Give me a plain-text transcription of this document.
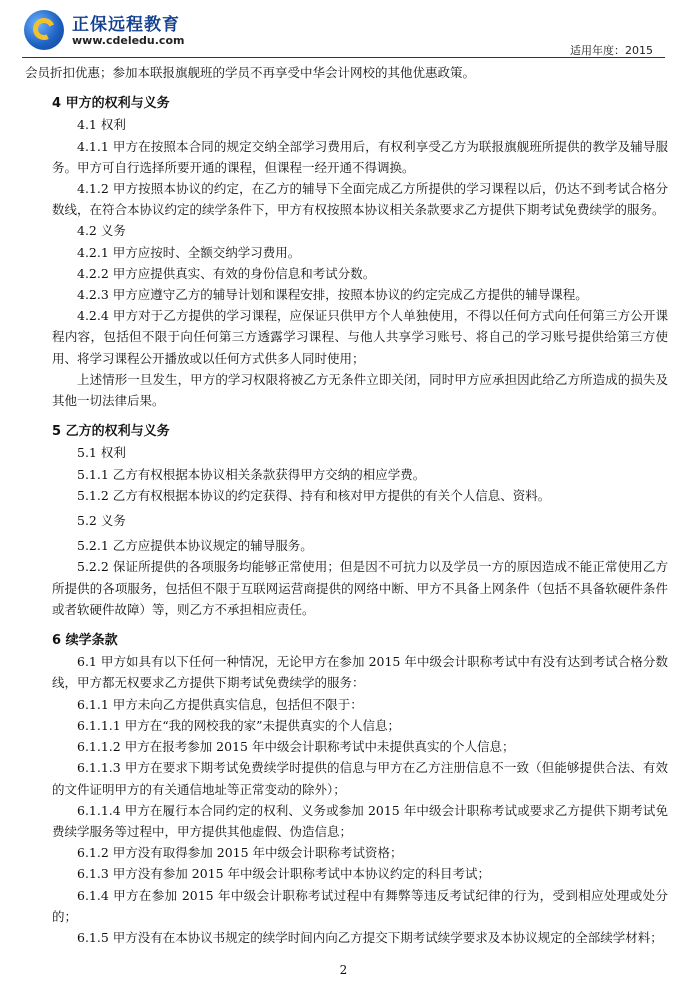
正保远程教育
www.cdeledu.com
适用年度：2015

会员折扣优惠；参加本联报旗舰班的学员不再享受中华会计网校的其他优惠政策。

4 甲方的权利与义务

4.1 权利

4.1.1 甲方在按照本合同的规定交纳全部学习费用后，有权利享受乙方为联报旗舰班所提供的教学及辅导服务。甲方可自行选择所要开通的课程，但课程一经开通不得调换。

4.1.2 甲方按照本协议的约定，在乙方的辅导下全面完成乙方所提供的学习课程以后，仍达不到考试合格分数线，在符合本协议约定的续学条件下，甲方有权按照本协议相关条款要求乙方提供下期考试免费续学的服务。

4.2 义务

4.2.1 甲方应按时、全额交纳学习费用。

4.2.2 甲方应提供真实、有效的身份信息和考试分数。

4.2.3 甲方应遵守乙方的辅导计划和课程安排，按照本协议的约定完成乙方提供的辅导课程。

4.2.4 甲方对于乙方提供的学习课程，应保证只供甲方个人单独使用，不得以任何方式向任何第三方公开课程内容，包括但不限于向任何第三方透露学习课程、与他人共享学习账号、将自己的学习账号提供给第三方使用、将学习课程公开播放或以任何方式供多人同时使用；

上述情形一旦发生，甲方的学习权限将被乙方无条件立即关闭，同时甲方应承担因此给乙方所造成的损失及其他一切法律后果。

5 乙方的权利与义务

5.1 权利

5.1.1 乙方有权根据本协议相关条款获得甲方交纳的相应学费。

5.1.2 乙方有权根据本协议的约定获得、持有和核对甲方提供的有关个人信息、资料。

5.2 义务

5.2.1 乙方应提供本协议规定的辅导服务。

5.2.2 保证所提供的各项服务均能够正常使用；但是因不可抗力以及学员一方的原因造成不能正常使用乙方所提供的各项服务，包括但不限于互联网运营商提供的网络中断、甲方不具备上网条件（包括不具备软硬件条件或者软硬件故障）等，则乙方不承担相应责任。

6 续学条款

6.1 甲方如具有以下任何一种情况，无论甲方在参加 2015 年中级会计职称考试中有没有达到考试合格分数线，甲方都无权要求乙方提供下期考试免费续学的服务：

6.1.1 甲方未向乙方提供真实信息，包括但不限于：

6.1.1.1 甲方在“我的网校我的家”未提供真实的个人信息；

6.1.1.2 甲方在报考参加 2015 年中级会计职称考试中未提供真实的个人信息；

6.1.1.3 甲方在要求下期考试免费续学时提供的信息与甲方在乙方注册信息不一致（但能够提供合法、有效的文件证明甲方的有关通信地址等正常变动的除外）；

6.1.1.4 甲方在履行本合同约定的权利、义务或参加 2015 年中级会计职称考试或要求乙方提供下期考试免费续学服务等过程中，甲方提供其他虚假、伪造信息；

6.1.2 甲方没有取得参加 2015 年中级会计职称考试资格；

6.1.3 甲方没有参加 2015 年中级会计职称考试中本协议约定的科目考试；

6.1.4 甲方在参加 2015 年中级会计职称考试过程中有舞弊等违反考试纪律的行为，受到相应处理或处分的；

6.1.5 甲方没有在本协议书规定的续学时间内向乙方提交下期考试续学要求及本协议规定的全部续学材料；

2
